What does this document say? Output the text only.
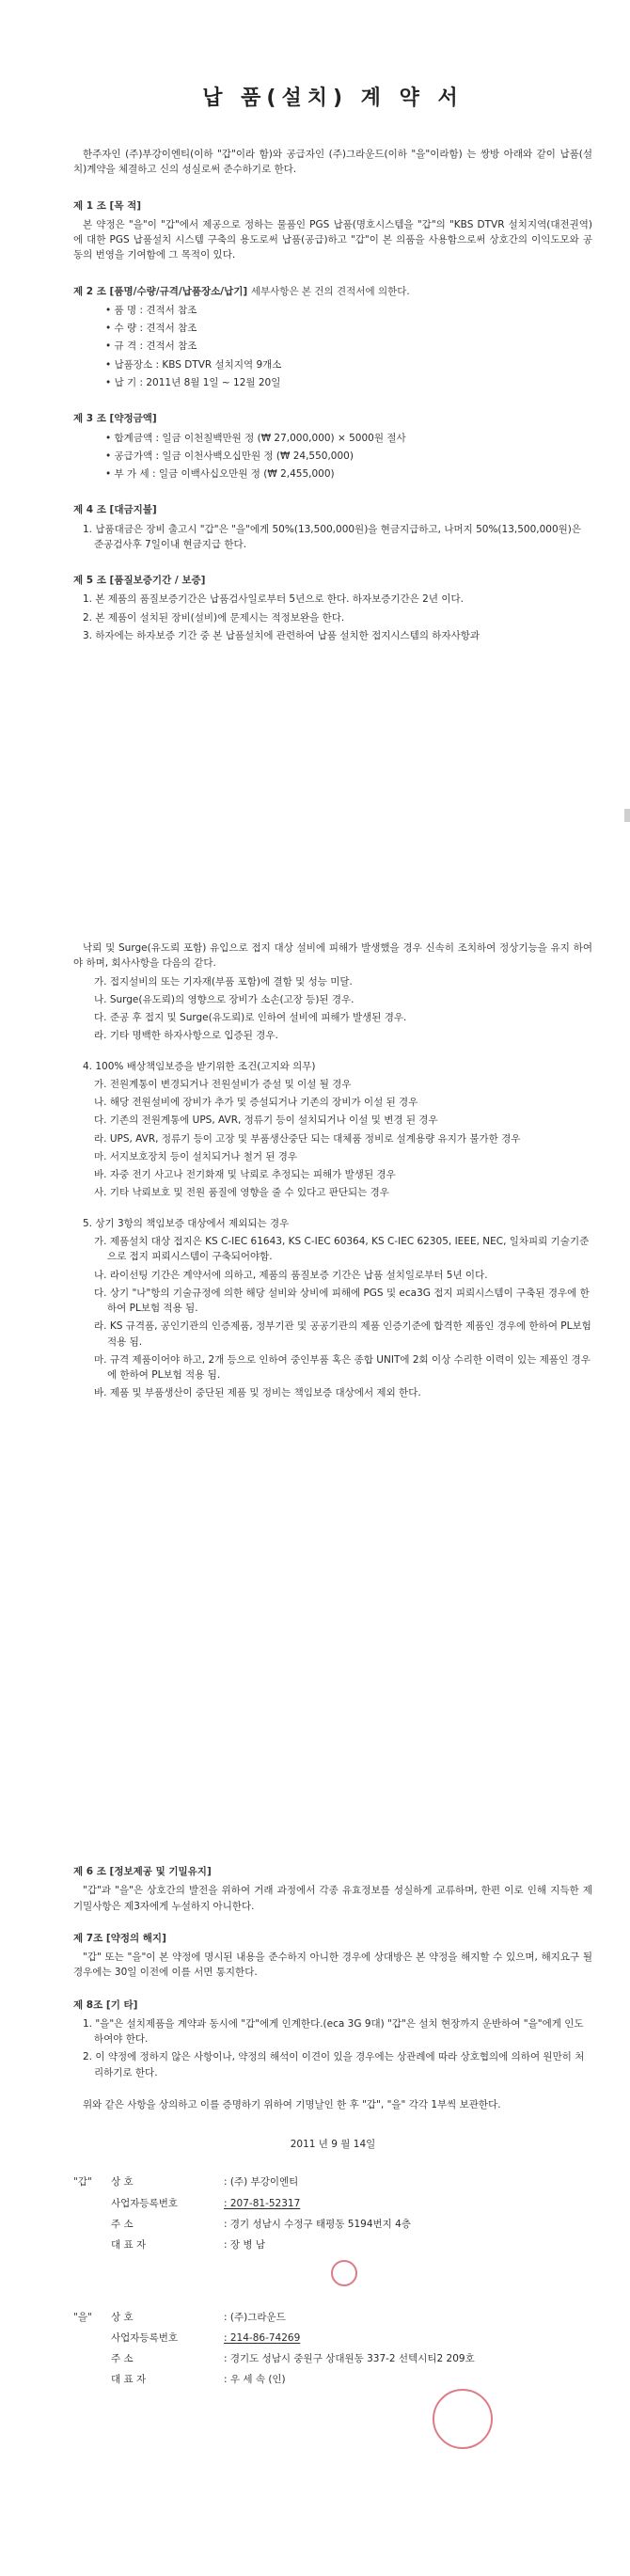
납 품(설치) 계 약 서

한주자인 (주)부강이엔티(이하 "갑"이라 함)와 공급자인 (주)그라운드(이하 "을"이라함) 는 쌍방 아래와 같이 납품(설치)계약을 체결하고 신의 성실로써 준수하기로 한다.

제 1 조 [목 적]

본 약정은 "을"이 "갑"에서 제공으로 정하는 물품인 PGS 납품(명호시스템을 "갑"의 "KBS DTVR 설치지역(대전권역)에 대한 PGS 납품설치 시스템 구축의 용도로써 납품(공급)하고 "갑"이 본 의품을 사용함으로써 상호간의 이익도모와 공동의 번영을 기여함에 그 목적이 있다.

제 2 조 [품명/수량/규격/납품장소/납기] 세부사항은 본 건의 견적서에 의한다.

• 품 명 : 견적서 참조

• 수 량 : 견적서 참조

• 규 격 : 견적서 참조

• 납품장소 : KBS DTVR 설치지역 9개소

• 납 기 : 2011년 8월 1일 ~ 12월 20일

제 3 조 [약정금액]

• 합계금액 : 일금 이천칠백만원 정 (₩ 27,000,000) × 5000원 절사

• 공급가액 : 일금 이천사백오십만원 정 (₩ 24,550,000)

• 부 가 세 : 일금 이백사십오만원 정 (₩ 2,455,000)

제 4 조 [대금지불]

1. 납품대금은 장비 출고시 "갑"은 "을"에게 50%(13,500,000원)을 현금지급하고, 나머지 50%(13,500,000원)은 준공검사후 7일이내 현금지급 한다.

제 5 조 [품질보증기간 / 보증]

1. 본 제품의 품질보증기간은 납품검사일로부터 5년으로 한다. 하자보증기간은 2년 이다.

2. 본 제품이 설치된 장비(설비)에 문제시는 적정보완을 한다.

3. 하자에는 하자보증 기간 중 본 납품설치에 관련하여 납품 설치한 접지시스템의 하자사항과

낙뢰 및 Surge(유도뢰 포함) 유입으로 접지 대상 설비에 피해가 발생했을 경우 신속히 조치하여 정상기능을 유지 하여야 하며, 회사사항을 다음의 같다.

가. 접지설비의 또는 기자재(부품 포함)에 결함 및 성능 미달.

나. Surge(유도뢰)의 영향으로 장비가 소손(고장 등)된 경우.

다. 준공 후 접지 및 Surge(유도뢰)로 인하여 설비에 피해가 발생된 경우.

라. 기타 명백한 하자사항으로 입증된 경우.

4. 100% 배상책임보증을 받기위한 조건(고지와 의무)

가. 전원계통이 변경되거나 전원설비가 증설 및 이설 될 경우

나. 해당 전원설비에 장비가 추가 및 증설되거나 기존의 장비가 이설 된 경우

다. 기존의 전원계통에 UPS, AVR, 정류기 등이 설치되거나 이설 및 변경 된 경우

라. UPS, AVR, 정류기 등이 고장 및 부품생산중단 되는 대체품 정비로 설계용량 유지가 불가한 경우

마. 서지보호장치 등이 설치되거나 철거 된 경우

바. 자중 전기 사고나 전기화재 및 낙뢰로 추정되는 피해가 발생된 경우

사. 기타 낙뢰보호 및 전원 품질에 영향을 줄 수 있다고 판단되는 경우

5. 상기 3항의 책임보증 대상에서 제외되는 경우

가. 제품설치 대상 접지은 KS C-IEC 61643, KS C-IEC 60364, KS C-IEC 62305, IEEE, NEC, 일차피뢰 기술기준으로 접지 피뢰시스템이 구축되어야함.

나. 라이선팅 기간은 계약서에 의하고, 제품의 품질보증 기간은 납품 설치일로부터 5년 이다.

다. 상기 "나"항의 기술규정에 의한 해당 설비와 상비에 피해에 PGS 및 eca3G 접지 피뢰시스템이 구축된 경우에 한하여 PL보험 적용 됨.

라. KS 규격품, 공인기관의 인증제품, 정부기관 및 공공기관의 제품 인증기준에 합격한 제품인 경우에 한하여 PL보험 적용 됨.

마. 규격 제품이어야 하고, 2개 등으로 인하여 중인부품 혹은 종합 UNIT에 2회 이상 수리한 이력이 있는 제품인 경우에 한하여 PL보험 적용 됨.

바. 제품 및 부품생산이 중단된 제품 및 정비는 책임보증 대상에서 제외 한다.

제 6 조 [정보제공 및 기밀유지]

"갑"과 "을"은 상호간의 발전을 위하여 거래 과정에서 각종 유효정보를 성실하게 교류하며, 한편 이로 인해 지득한 제 기밀사항은 제3자에게 누설하지 아니한다.

제 7조 [약정의 해지]

"갑" 또는 "을"이 본 약정에 명시된 내용을 준수하지 아니한 경우에 상대방은 본 약정을 해지할 수 있으며, 해지요구 될 경우에는 30일 이전에 이를 서면 통지한다.

제 8조 [기 타]

1. "을"은 설치제품을 계약과 동시에 "갑"에게 인계한다.(eca 3G 9대) "갑"은 설치 현장까지 운반하여 "을"에게 인도하여야 한다.

2. 이 약정에 정하지 않은 사항이나, 약정의 해석이 이견이 있을 경우에는 상관례에 따라 상호협의에 의하여 원만히 처리하기로 한다.

위와 같은 사항을 상의하고 이를 증명하기 위하여 기명날인 한 후 "갑", "을" 각각 1부씩 보관한다.

2011 년 9 월 14일

"갑"	상 호	: (주) 부강이엔티
사업자등록번호	: 207-81-52317
주 소	: 경기 성남시 수정구 태평동 5194번지 4층
대 표 자	: 장 병 남
"을"	상 호	: (주)그라운드
사업자등록번호	: 214-86-74269
주 소	: 경기도 성남시 중원구 상대원동 337-2 선텍시티2 209호
대 표 자	: 우 세 속 (인)
